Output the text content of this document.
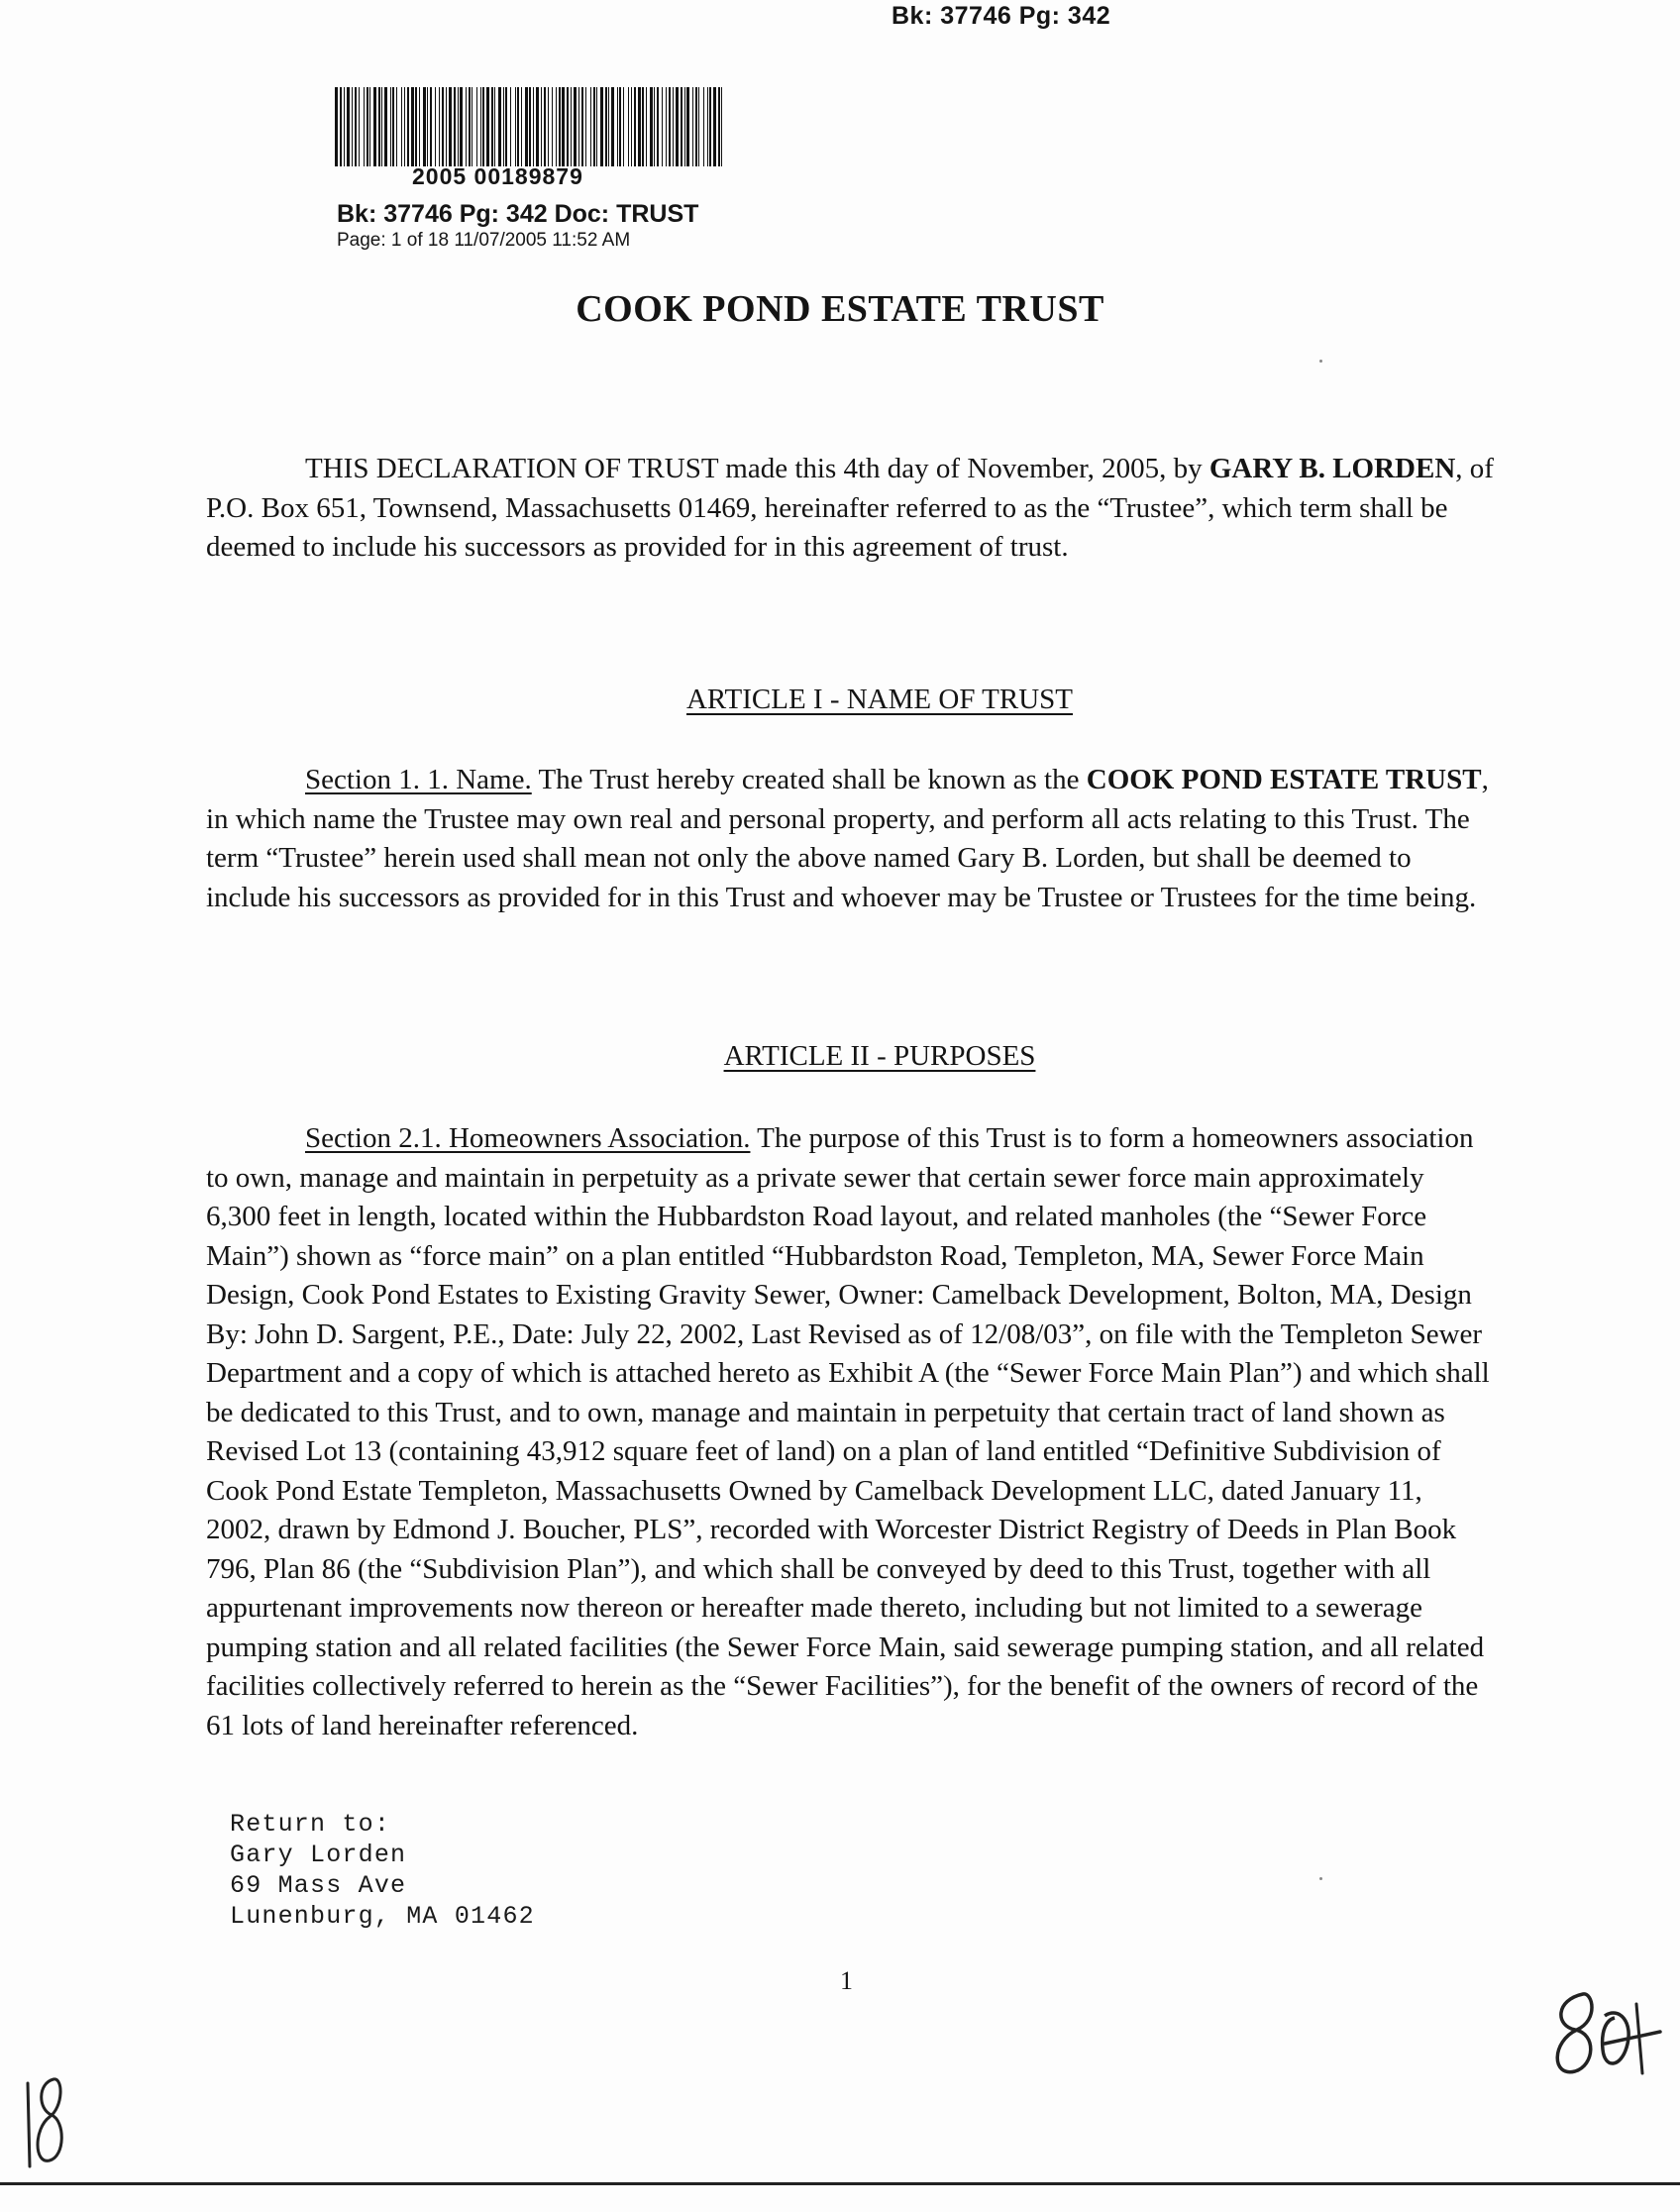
Bk: 37746 Pg: 342
2005 00189879
Bk: 37746 Pg: 342 Doc: TRUST
Page: 1 of 18 11/07/2005 11:52 AM
COOK POND ESTATE TRUST
THIS DECLARATION OF TRUST made this 4th day of November, 2005, by GARY B. LORDEN, of P.O. Box 651, Townsend, Massachusetts 01469, hereinafter referred to as the “Trustee”, which term shall be deemed to include his successors as provided for in this agreement of trust.
ARTICLE I - NAME OF TRUST
Section 1. 1. Name. The Trust hereby created shall be known as the COOK POND ESTATE TRUST, in which name the Trustee may own real and personal property, and perform all acts relating to this Trust. The term “Trustee” herein used shall mean not only the above named Gary B. Lorden, but shall be deemed to include his successors as provided for in this Trust and whoever may be Trustee or Trustees for the time being.
ARTICLE II - PURPOSES
Section 2.1. Homeowners Association. The purpose of this Trust is to form a homeowners association to own, manage and maintain in perpetuity as a private sewer that certain sewer force main approximately 6,300 feet in length, located within the Hubbardston Road layout, and related manholes (the “Sewer Force Main”) shown as “force main” on a plan entitled “Hubbardston Road, Templeton, MA, Sewer Force Main Design, Cook Pond Estates to Existing Gravity Sewer, Owner: Camelback Development, Bolton, MA, Design By: John D. Sargent, P.E., Date: July 22, 2002, Last Revised as of 12/08/03”, on file with the Templeton Sewer Department and a copy of which is attached hereto as Exhibit A (the “Sewer Force Main Plan”) and which shall be dedicated to this Trust, and to own, manage and maintain in perpetuity that certain tract of land shown as Revised Lot 13 (containing 43,912 square feet of land) on a plan of land entitled “Definitive Subdivision of Cook Pond Estate Templeton, Massachusetts Owned by Camelback Development LLC, dated January 11, 2002, drawn by Edmond J. Boucher, PLS”, recorded with Worcester District Registry of Deeds in Plan Book 796, Plan 86 (the “Subdivision Plan”), and which shall be conveyed by deed to this Trust, together with all appurtenant improvements now thereon or hereafter made thereto, including but not limited to a sewerage pumping station and all related facilities (the Sewer Force Main, said sewerage pumping station, and all related facilities collectively referred to herein as the “Sewer Facilities”), for the benefit of the owners of record of the 61 lots of land hereinafter referenced.
Return to:
Gary Lorden
69 Mass Ave
Lunenburg, MA 01462
1
